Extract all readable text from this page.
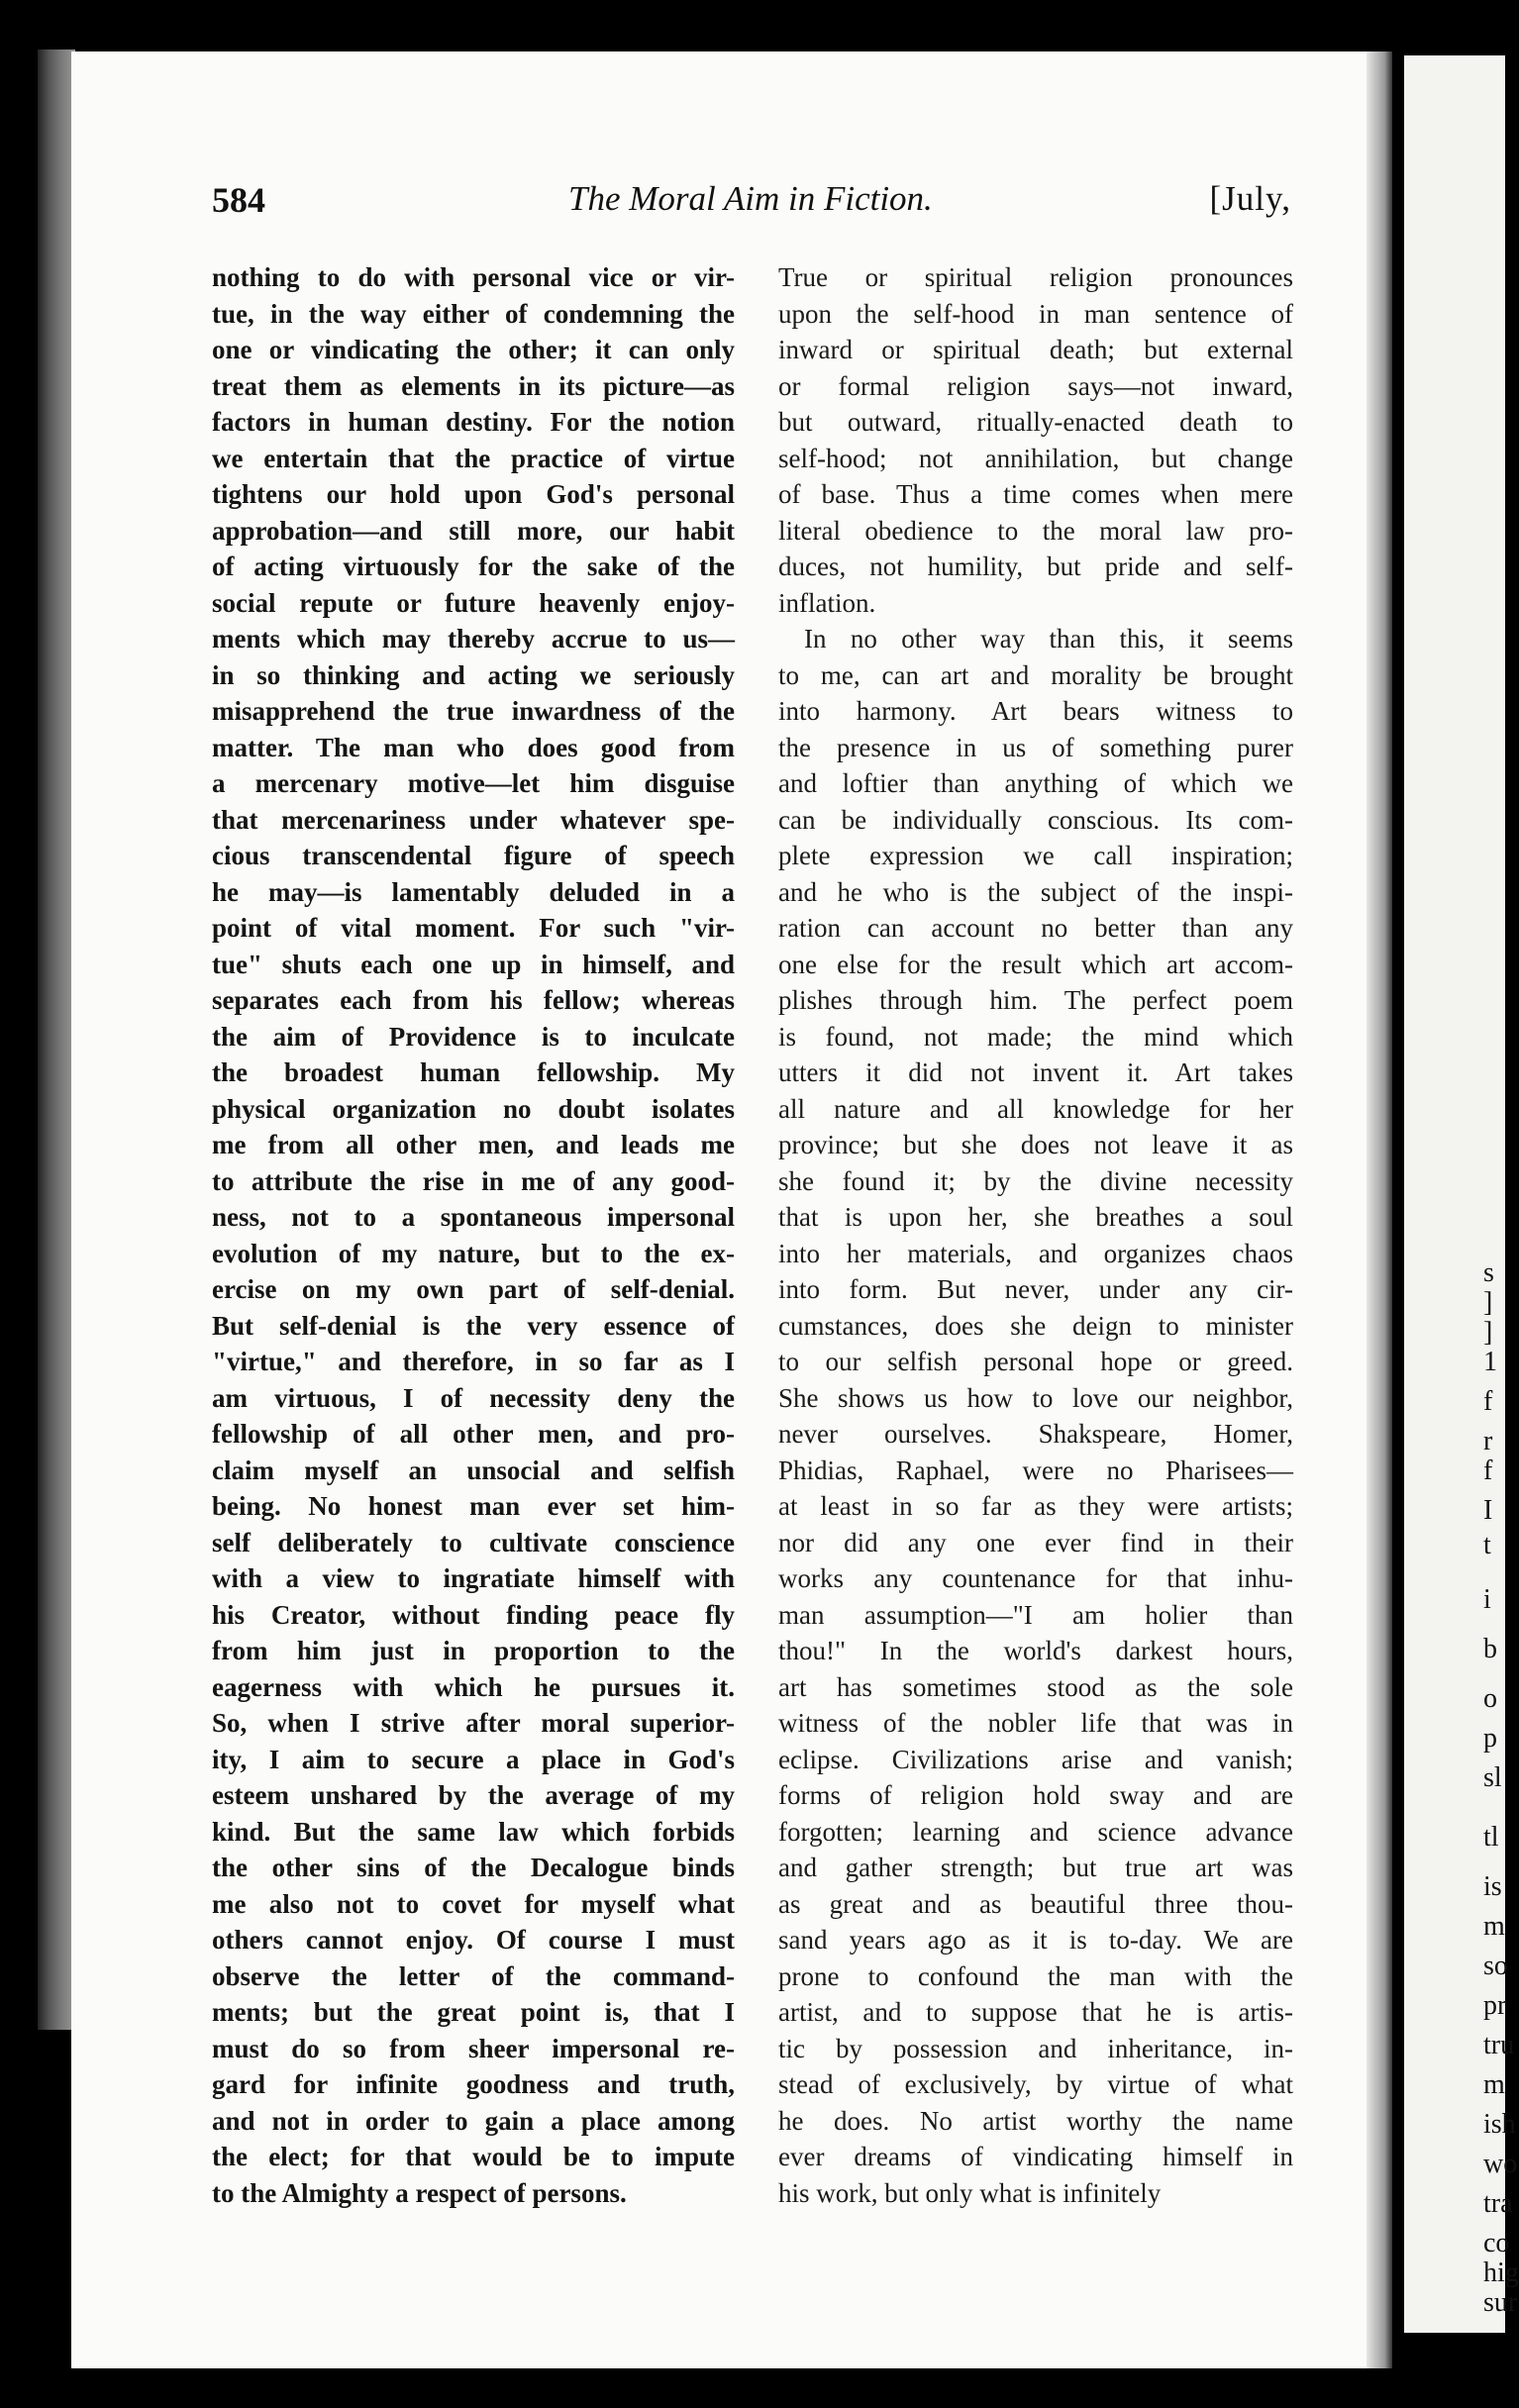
s
]
]
1
f
r
f
I
t
i
b
o
p
sl
tl
is
m
so
pr
tru
m
ish
wo
tra
co
hig
sur
584	The Moral Aim in Fiction.	[July,
nothing to do with personal vice or vir-
tue, in the way either of condemning the
one or vindicating the other; it can only
treat them as elements in its picture—as
factors in human destiny. For the notion
we entertain that the practice of virtue
tightens our hold upon God's personal
approbation—and still more, our habit
of acting virtuously for the sake of the
social repute or future heavenly enjoy-
ments which may thereby accrue to us—
in so thinking and acting we seriously
misapprehend the true inwardness of the
matter. The man who does good from
a mercenary motive—let him disguise
that mercenariness under whatever spe-
cious transcendental figure of speech
he may—is lamentably deluded in a
point of vital moment. For such "vir-
tue" shuts each one up in himself, and
separates each from his fellow; whereas
the aim of Providence is to inculcate
the broadest human fellowship. My
physical organization no doubt isolates
me from all other men, and leads me
to attribute the rise in me of any good-
ness, not to a spontaneous impersonal
evolution of my nature, but to the ex-
ercise on my own part of self-denial.
But self-denial is the very essence of
"virtue," and therefore, in so far as I
am virtuous, I of necessity deny the
fellowship of all other men, and pro-
claim myself an unsocial and selfish
being. No honest man ever set him-
self deliberately to cultivate conscience
with a view to ingratiate himself with
his Creator, without finding peace fly
from him just in proportion to the
eagerness with which he pursues it.
So, when I strive after moral superior-
ity, I aim to secure a place in God's
esteem unshared by the average of my
kind. But the same law which forbids
the other sins of the Decalogue binds
me also not to covet for myself what
others cannot enjoy. Of course I must
observe the letter of the command-
ments; but the great point is, that I
must do so from sheer impersonal re-
gard for infinite goodness and truth,
and not in order to gain a place among
the elect; for that would be to impute
to the Almighty a respect of persons.
True or spiritual religion pronounces
upon the self-hood in man sentence of
inward or spiritual death; but external
or formal religion says—not inward,
but outward, ritually-enacted death to
self-hood; not annihilation, but change
of base. Thus a time comes when mere
literal obedience to the moral law pro-
duces, not humility, but pride and self-
inflation.
In no other way than this, it seems
to me, can art and morality be brought
into harmony. Art bears witness to
the presence in us of something purer
and loftier than anything of which we
can be individually conscious. Its com-
plete expression we call inspiration;
and he who is the subject of the inspi-
ration can account no better than any
one else for the result which art accom-
plishes through him. The perfect poem
is found, not made; the mind which
utters it did not invent it. Art takes
all nature and all knowledge for her
province; but she does not leave it as
she found it; by the divine necessity
that is upon her, she breathes a soul
into her materials, and organizes chaos
into form. But never, under any cir-
cumstances, does she deign to minister
to our selfish personal hope or greed.
She shows us how to love our neighbor,
never ourselves. Shakspeare, Homer,
Phidias, Raphael, were no Pharisees—
at least in so far as they were artists;
nor did any one ever find in their
works any countenance for that inhu-
man assumption—"I am holier than
thou!" In the world's darkest hours,
art has sometimes stood as the sole
witness of the nobler life that was in
eclipse. Civilizations arise and vanish;
forms of religion hold sway and are
forgotten; learning and science advance
and gather strength; but true art was
as great and as beautiful three thou-
sand years ago as it is to-day. We are
prone to confound the man with the
artist, and to suppose that he is artis-
tic by possession and inheritance, in-
stead of exclusively, by virtue of what
he does. No artist worthy the name
ever dreams of vindicating himself in
his work, but only what is infinitely
